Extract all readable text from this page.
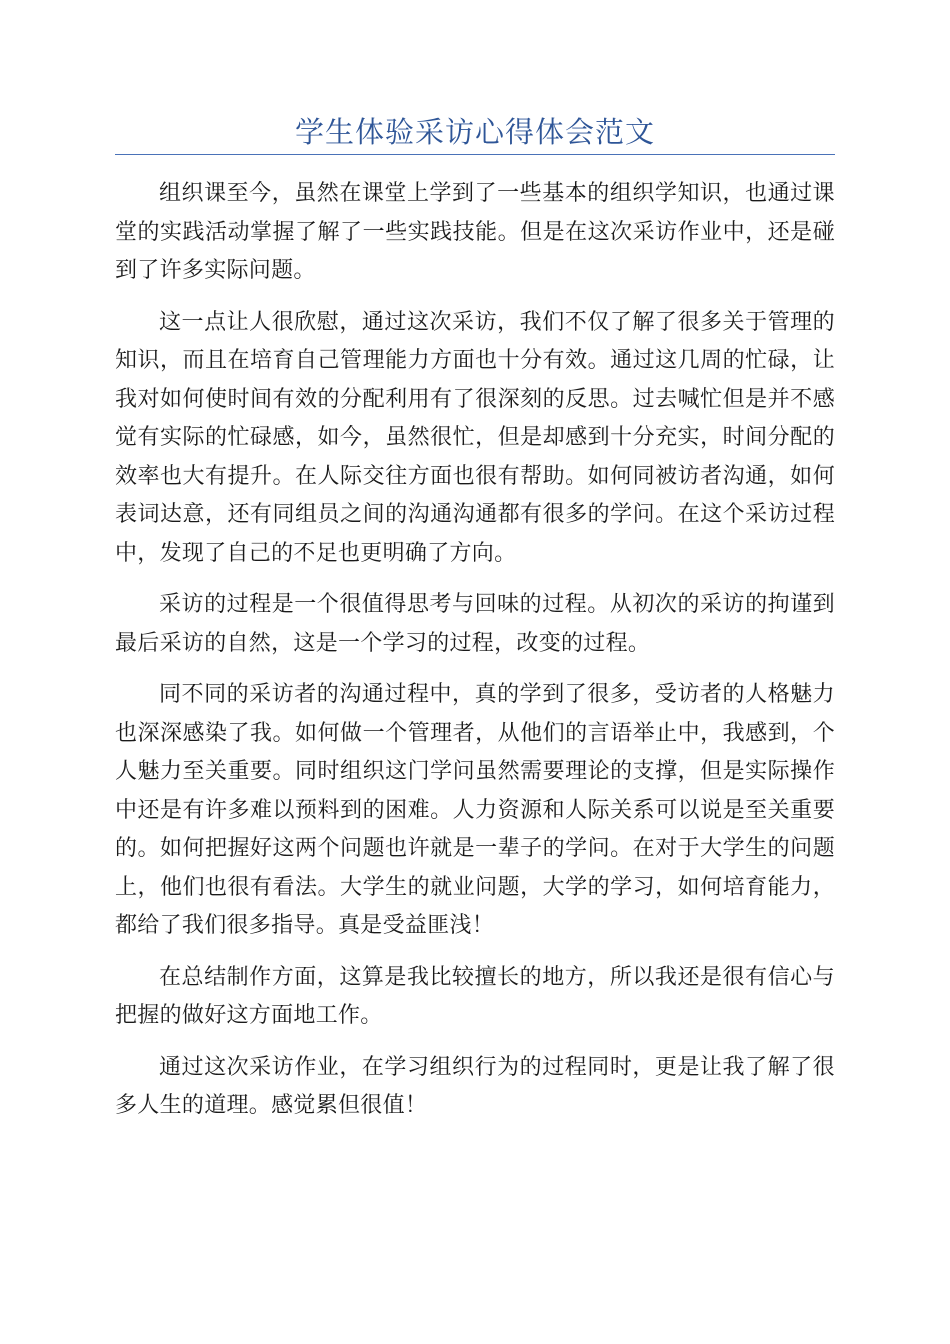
学生体验采访心得体会范文

组织课至今，虽然在课堂上学到了一些基本的组织学知识，也通过课堂的实践活动掌握了解了一些实践技能。但是在这次采访作业中，还是碰到了许多实际问题。

这一点让人很欣慰，通过这次采访，我们不仅了解了很多关于管理的知识，而且在培育自己管理能力方面也十分有效。通过这几周的忙碌，让我对如何使时间有效的分配利用有了很深刻的反思。过去喊忙但是并不感觉有实际的忙碌感，如今，虽然很忙，但是却感到十分充实，时间分配的效率也大有提升。在人际交往方面也很有帮助。如何同被访者沟通，如何表词达意，还有同组员之间的沟通沟通都有很多的学问。在这个采访过程中，发现了自己的不足也更明确了方向。

采访的过程是一个很值得思考与回味的过程。从初次的采访的拘谨到最后采访的自然，这是一个学习的过程，改变的过程。

同不同的采访者的沟通过程中，真的学到了很多，受访者的人格魅力也深深感染了我。如何做一个管理者，从他们的言语举止中，我感到，个人魅力至关重要。同时组织这门学问虽然需要理论的支撑，但是实际操作中还是有许多难以预料到的困难。人力资源和人际关系可以说是至关重要的。如何把握好这两个问题也许就是一辈子的学问。在对于大学生的问题上，他们也很有看法。大学生的就业问题，大学的学习，如何培育能力，都给了我们很多指导。真是受益匪浅！

在总结制作方面，这算是我比较擅长的地方，所以我还是很有信心与把握的做好这方面地工作。

通过这次采访作业，在学习组织行为的过程同时，更是让我了解了很多人生的道理。感觉累但很值！
